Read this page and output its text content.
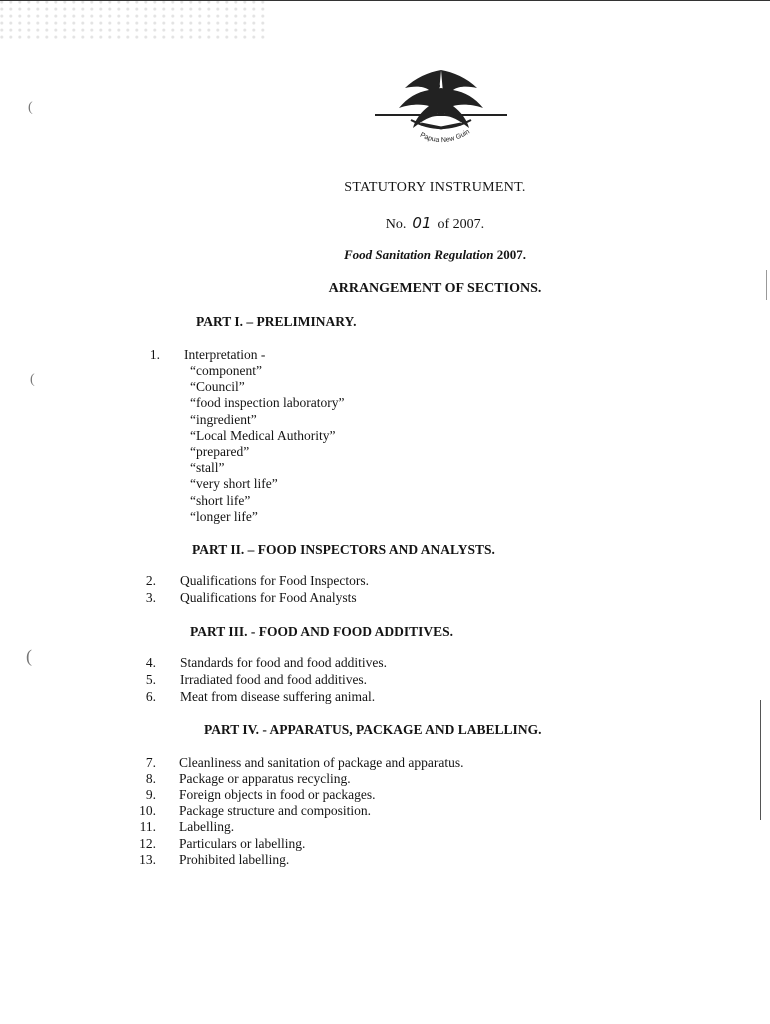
(
(
(
Papua New Guin
STATUTORY INSTRUMENT.
No. 01 of 2007.
Food Sanitation Regulation 2007.
ARRANGEMENT OF SECTIONS.
PART I. – PRELIMINARY.
1. Interpretation -
“component”
“Council”
“food inspection laboratory”
“ingredient”
“Local Medical Authority”
“prepared”
“stall”
“very short life”
“short life”
“longer life”
PART II. – FOOD INSPECTORS AND ANALYSTS.
2. Qualifications for Food Inspectors.
3. Qualifications for Food Analysts
PART III. - FOOD AND FOOD ADDITIVES.
4. Standards for food and food additives.
5. Irradiated food and food additives.
6. Meat from disease suffering animal.
PART IV. - APPARATUS, PACKAGE AND LABELLING.
7. Cleanliness and sanitation of package and apparatus.
8. Package or apparatus recycling.
9. Foreign objects in food or packages.
10. Package structure and composition.
11. Labelling.
12. Particulars or labelling.
13. Prohibited labelling.
